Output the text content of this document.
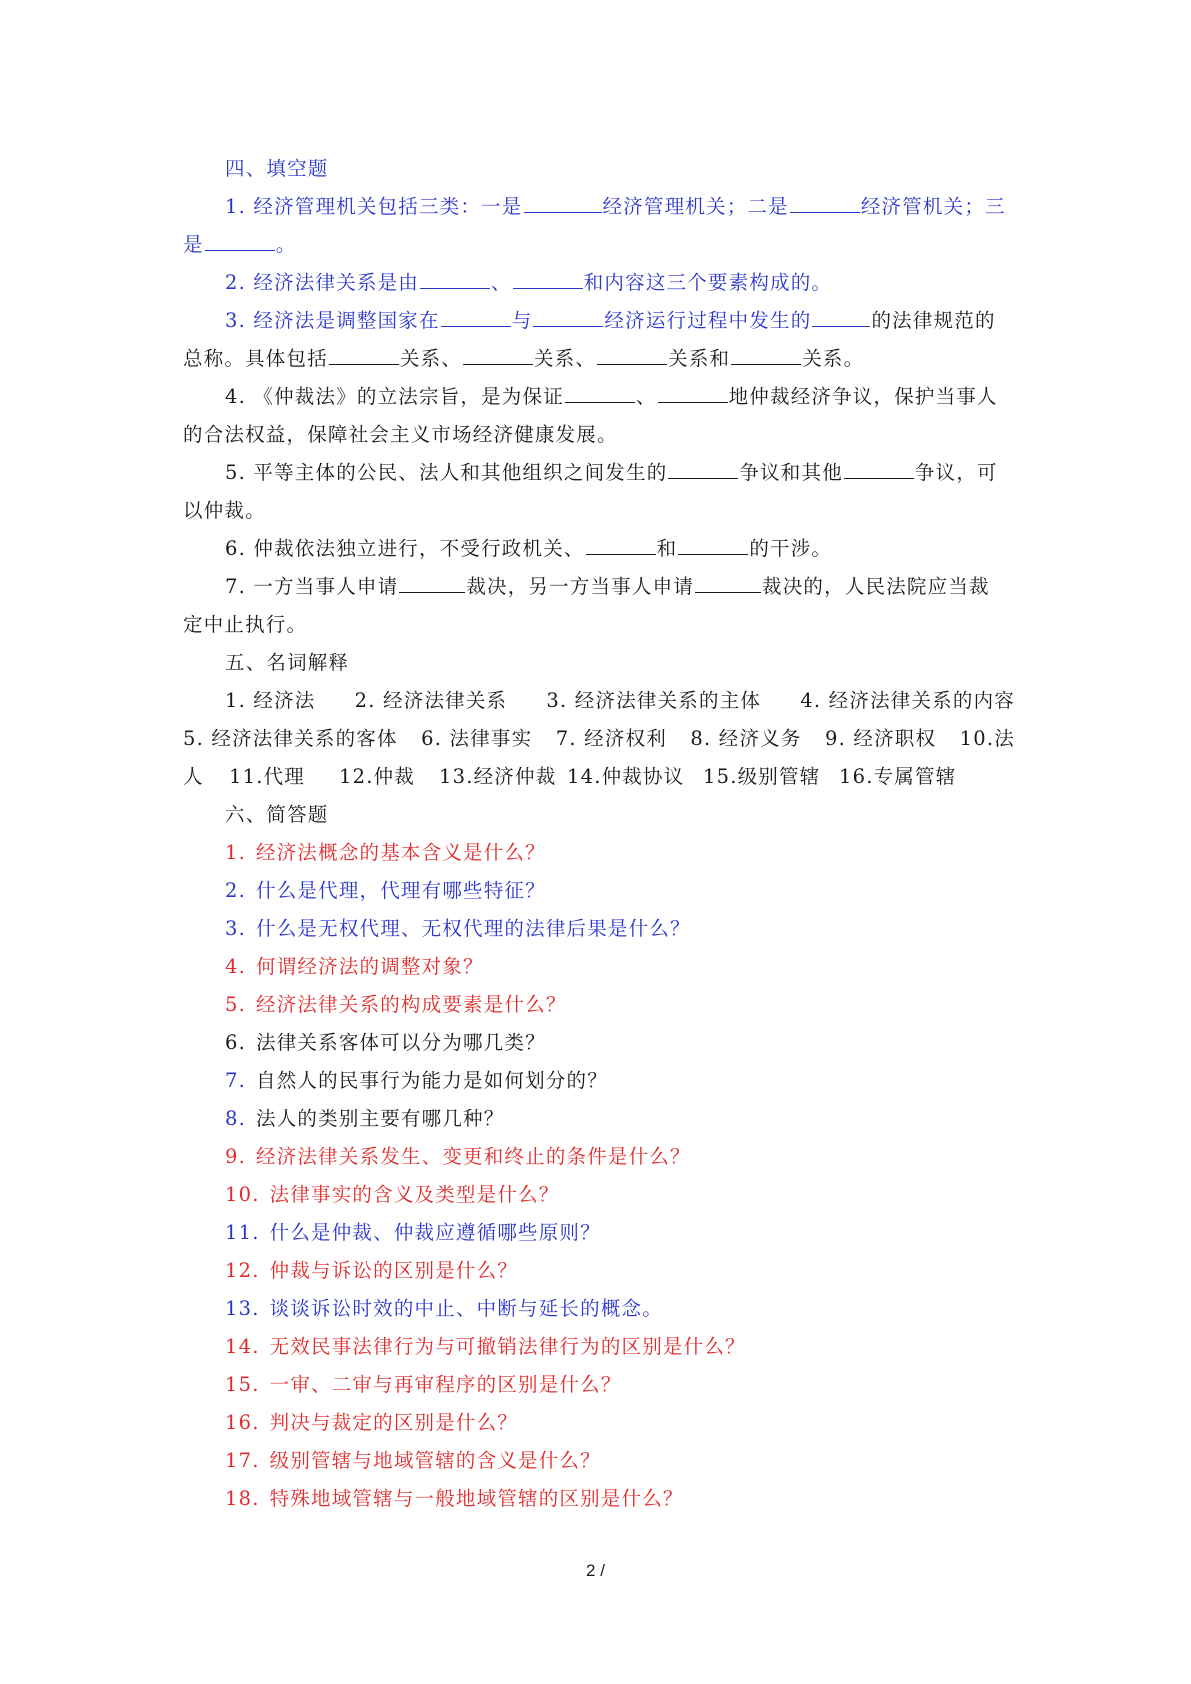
四、填空题
1. 经济管理机关包括三类：一是	经济管理机关；二是	经济管机关；三
是	。
2. 经济法律关系是由	、	和内容这三个要素构成的。
3. 经济法是调整国家在	与	经济运行过程中发生的	的法律规范的
总称。具体包括	关系、	关系、	关系和	关系。
4. 《仲裁法》的立法宗旨，是为保证	、	地仲裁经济争议，保护当事人
的合法权益，保障社会主义市场经济健康发展。
5. 平等主体的公民、法人和其他组织之间发生的	争议和其他	争议，可
以仲裁。
6. 仲裁依法独立进行，不受行政机关、	和	的干涉。
7. 一方当事人申请	裁决，另一方当事人申请	裁决的，人民法院应当裁
定中止执行。
五、名词解释
1. 经济法 2. 经济法律关系 3. 经济法律关系的主体 4. 经济法律关系的内容
5. 经济法律关系的客体 6. 法律事实 7. 经济权利 8. 经济义务 9. 经济职权 10.法
人	11.代理	12.仲裁	13.经济仲裁 14.仲裁协议 15.级别管辖 16.专属管辖
六、简答题
1. 经济法概念的基本含义是什么？
2. 什么是代理，代理有哪些特征？
3. 什么是无权代理、无权代理的法律后果是什么？
4. 何谓经济法的调整对象？
5. 经济法律关系的构成要素是什么？
6. 法律关系客体可以分为哪几类？
7. 自然人的民事行为能力是如何划分的？
8. 法人的类别主要有哪几种？
9. 经济法律关系发生、变更和终止的条件是什么？
10. 法律事实的含义及类型是什么？
11. 什么是仲裁、仲裁应遵循哪些原则？
12. 仲裁与诉讼的区别是什么？
13. 谈谈诉讼时效的中止、中断与延长的概念。
14. 无效民事法律行为与可撤销法律行为的区别是什么？
15. 一审、二审与再审程序的区别是什么？
16. 判决与裁定的区别是什么？
17. 级别管辖与地域管辖的含义是什么？
18. 特殊地域管辖与一般地域管辖的区别是什么？
2 /
